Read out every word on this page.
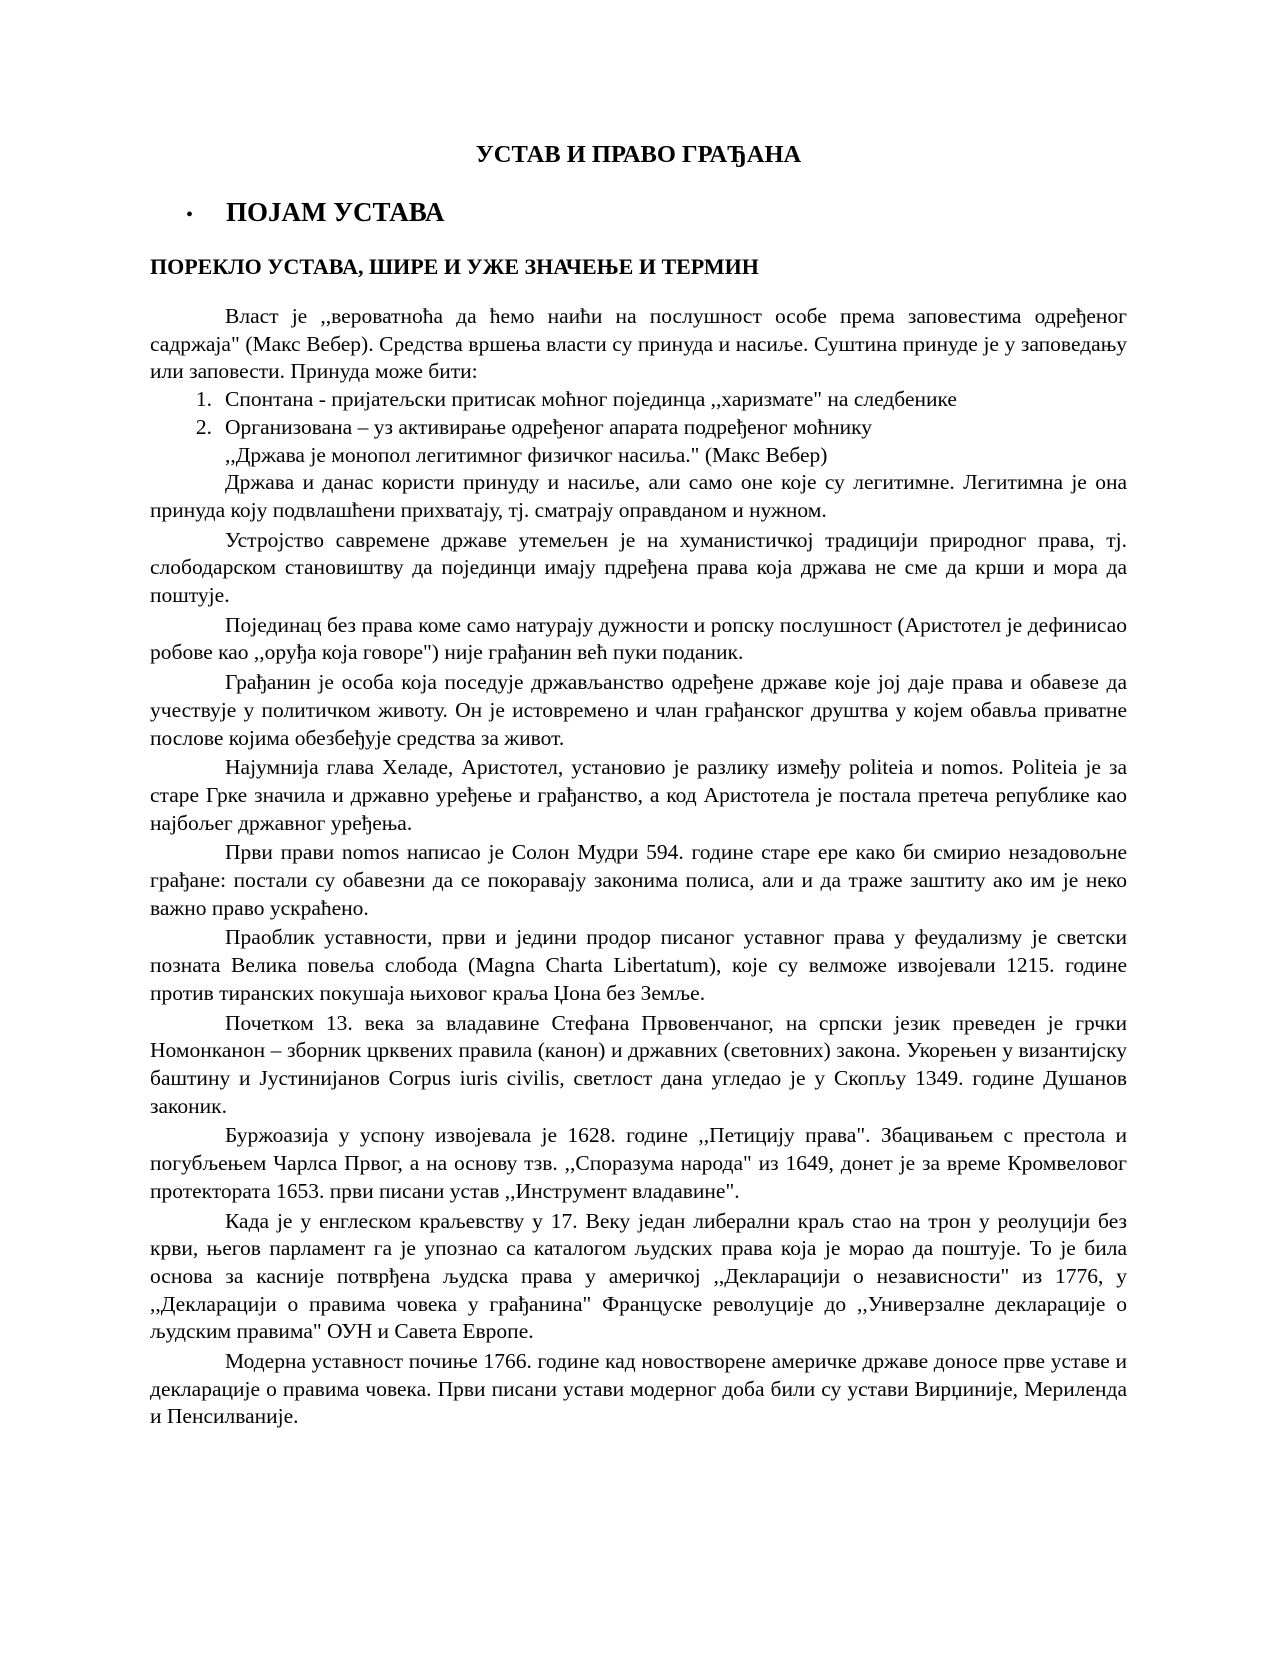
УСТАВ И ПРАВО ГРАЂАНА
•	ПОЈАМ УСТАВА
ПОРЕКЛО УСТАВА, ШИРЕ И УЖЕ ЗНАЧЕЊЕ И ТЕРМИН

Власт је ,,вероватноћа да ћемо наићи на послушност особе према заповестима одређеног садржаја" (Макс Вебер). Средства вршења власти су принуда и насиље. Суштина принуде је у заповедању или заповести. Принуда може бити:

1. Спонтана - пријатељски притисак моћног појединца ,,харизмате" на следбенике
2. Организована – уз активирање одређеног апарата подређеног моћнику

,,Држава је монопол легитимног физичког насиља." (Макс Вебер)

Држава и данас користи принуду и насиље, али само оне које су легитимне. Легитимна је она принуда коју подвлашћени прихватају, тј. сматрају оправданом и нужном.

Устројство савремене државе утемељен је на хуманистичкој традицији природног права, тј. слободарском становиштву да појединци имају пдређена права која држава не сме да крши и мора да поштује.

Појединац без права коме само натурају дужности и ропску послушност (Аристотел је дефинисао робове као ,,оруђа која говоре") није грађанин већ пуки поданик.

Грађанин је особа која поседује држављанство одређене државе које јој даје права и обавезе да учествује у политичком животу. Он је истовремено и члан грађанског друштва у којем обавља приватне послове којима обезбеђује средства за живот.

Најумнија глава Хеладе, Аристотел, установио је разлику између politeia и nomos. Politeia је за старе Грке значила и државно уређење и грађанство, а код Аристотела је постала претеча републике као најбољег државног уређења.

Први прави nomos написао је Солон Мудри 594. године старе ере како би смирио незадовољне грађане: постали су обавезни да се покоравају законима полиса, али и да траже заштиту ако им је неко важно право ускраћено.

Праоблик уставности, први и једини продор писаног уставног права у феудализму је светски позната Велика повеља слобода (Magna Charta Libertatum), које су велможе извојевали 1215. године против тиранских покушаја њиховог краља Џона без Земље.

Почетком 13. века за владавине Стефана Првовенчаног, на српски језик преведен је грчки Номонканон – зборник црквених правила (канон) и државних (световних) закона. Укорењен у византијску баштину и Јустинијанов Corpus iuris civilis, светлост дана угледао је у Скопљу 1349. године Душанов законик.

Буржоазија у успону извојевала је 1628. године ,,Петицију права". Збацивањем с престола и погубљењем Чарлса Првог, а на основу тзв. ,,Споразума народа" из 1649, донет је за време Кромвеловог протектората 1653. први писани устав ,,Инструмент владавине".

Када је у енглеском краљевству у 17. Веку један либерални краљ стао на трон у реолуцији без крви, његов парламент га је упознао са каталогом људских права која је морао да поштује. То је била основа за касније потврђена људска права у америчкој ,,Декларацији о независности" из 1776, у ,,Декларацији о правима човека у грађанина" Француске револуције до ,,Универзалне декларације о људским правима" ОУН и Савета Европе.

Модерна уставност почиње 1766. године кад новостворене америчке државе доносе прве уставе и декларације о правима човека. Први писани устави модерног доба били су устави Вирџиније, Мериленда и Пенсилваније.
